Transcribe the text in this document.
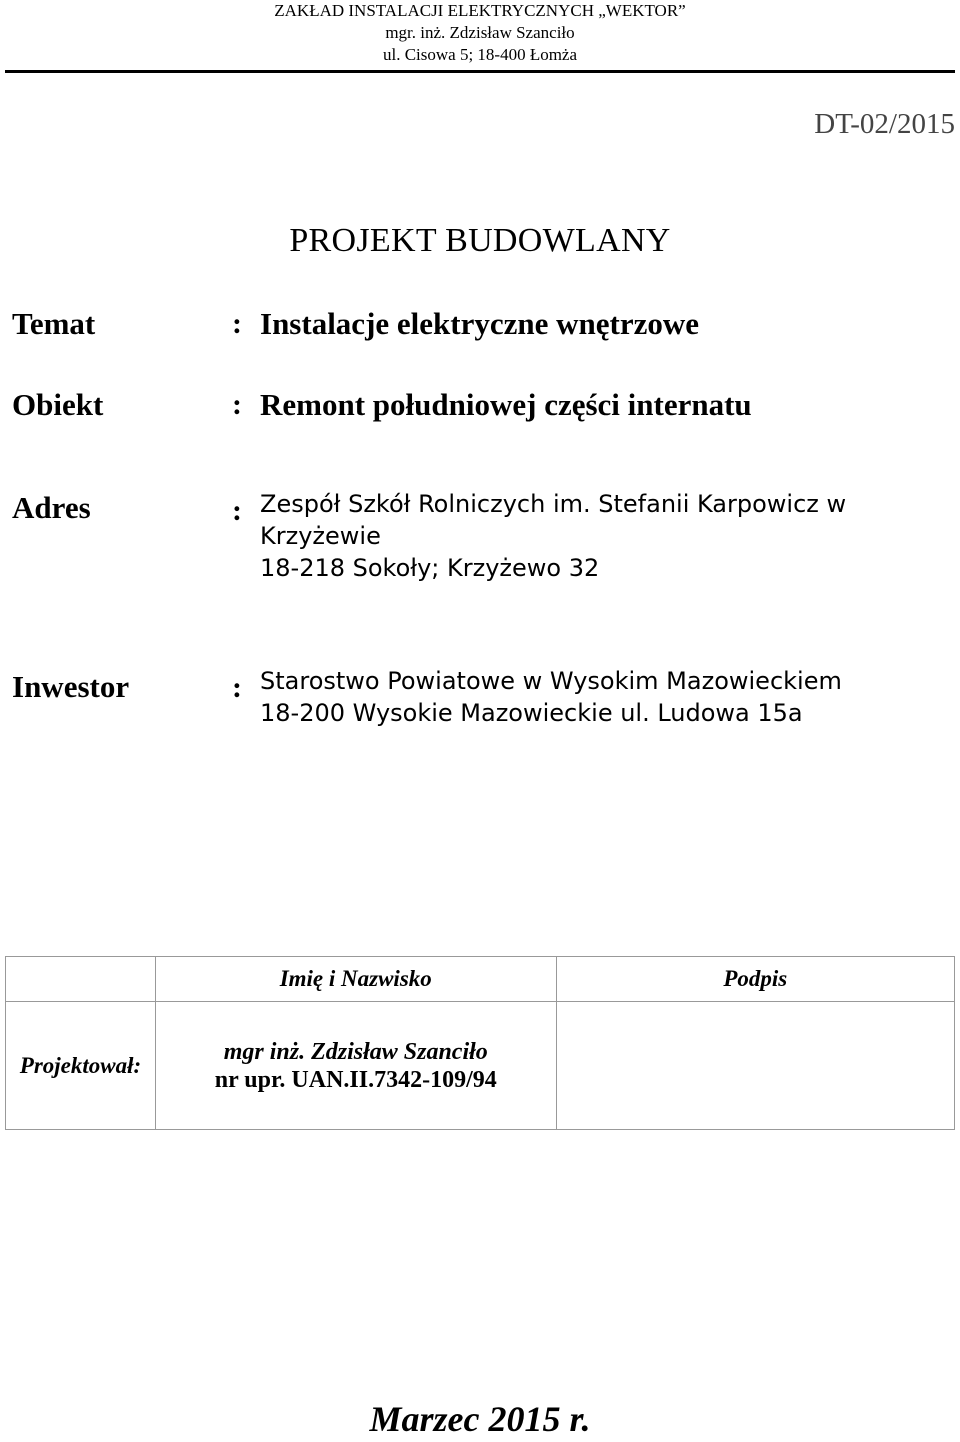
ZAKŁAD INSTALACJI ELEKTRYCZNYCH „WEKTOR”
mgr. inż. Zdzisław Szanciło
ul. Cisowa 5; 18-400 Łomża
DT-02/2015
PROJEKT BUDOWLANY
Temat	: Instalacje elektryczne wnętrzowe
Obiekt	: Remont południowej części internatu
Adres	: Zespół Szkół Rolniczych im. Stefanii Karpowicz w
Krzyżewie
18-218 Sokoły; Krzyżewo 32
Inwestor	: Starostwo Powiatowe w Wysokim Mazowieckiem
18-200 Wysokie Mazowieckie ul. Ludowa 15a
	Imię i Nazwisko	Podpis
Projektował:	mgr inż. Zdzisław Szanciło
nr upr. UAN.II.7342-109/94	

Marzec 2015 r.
